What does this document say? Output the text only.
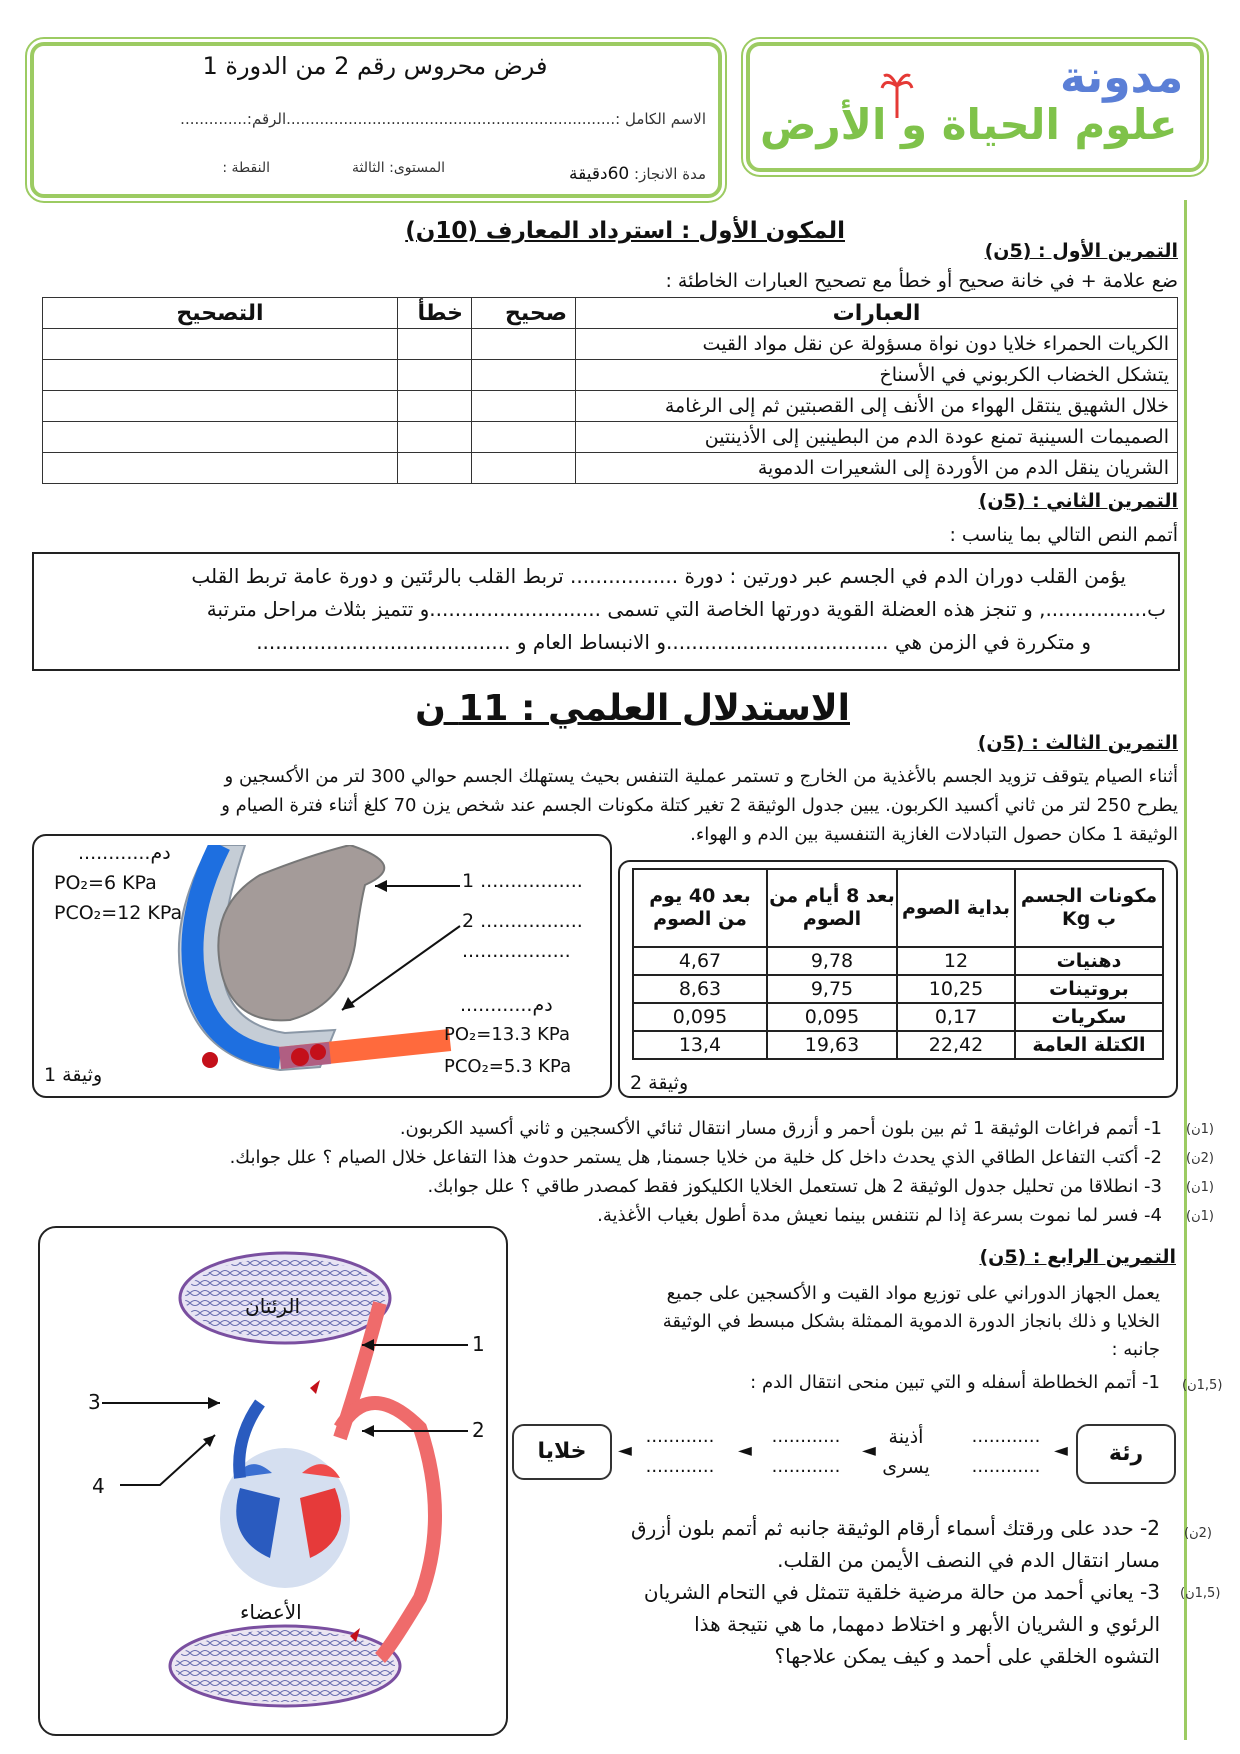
فرض محروس رقم 2 من الدورة 1
الاسم الكامل :.....................................................................الرقم:..............
مدة الانجاز: 60دقيقة
المستوى: الثالثة
النقطة :
مدونة
علوم الحياة و الأرض
المكون الأول : استرداد المعارف (10ن)
التمرين الأول : (5ن)
ضع علامة + في خانة صحيح أو خطأ مع تصحيح العبارات الخاطئة :
العبارات	صحيح	خطأ	التصحيح
الكريات الحمراء خلايا دون نواة مسؤولة عن نقل مواد القيت			
يتشكل الخضاب الكربوني في الأسناخ			
خلال الشهيق ينتقل الهواء من الأنف إلى القصبتين ثم إلى الرغامة			
الصميمات السينية تمنع عودة الدم من البطينين إلى الأذينتين			
الشريان ينقل الدم من الأوردة إلى الشعيرات الدموية			
التمرين الثاني : (5ن)
أتمم النص التالي بما يناسب :
يؤمن القلب دوران الدم في الجسم عبر دورتين : دورة ................. تربط القلب بالرئتين و دورة عامة تربط القلب
ب................, و تنجز هذه العضلة القوية دورتها الخاصة التي تسمى ...........................و تتميز بثلاث مراحل مترتبة
و متكررة في الزمن هي ...................................و الانبساط العام و ........................................
الاستدلال العلمي : 11 ن
التمرين الثالث : (5ن)
أثناء الصيام يتوقف تزويد الجسم بالأغذية من الخارج و تستمر عملية التنفس بحيث يستهلك الجسم حوالي 300 لتر من الأكسجين و
يطرح 250 لتر من ثاني أكسيد الكربون. يبين جدول الوثيقة 2 تغير كتلة مكونات الجسم عند شخص يزن 70 كلغ أثناء فترة الصيام و
الوثيقة 1 مكان حصول التبادلات الغازية التنفسية بين الدم و الهواء.
دم............
PO₂=6 KPa
PCO₂=12 KPa
1 .................
2 .................
..................
دم............
PO₂=13.3 KPa
PCO₂=5.3 KPa
وثيقة 1
مكونات الجسم ب Kg	بداية الصوم	بعد 8 أيام من الصوم	بعد 40 يوم من الصوم
دهنيات	12	9,78	4,67
بروتينات	10,25	9,75	8,63
سكريات	0,17	0,095	0,095
الكتلة العامة	22,42	19,63	13,4
وثيقة 2
1- أتمم فراغات الوثيقة 1 ثم بين بلون أحمر و أزرق مسار انتقال ثنائي الأكسجين و ثاني أكسيد الكربون.
2- أكتب التفاعل الطاقي الذي يحدث داخل كل خلية من خلايا جسمنا, هل يستمر حدوث هذا التفاعل خلال الصيام ؟ علل جوابك.
3- انطلاقا من تحليل جدول الوثيقة 2 هل تستعمل الخلايا الكليكوز فقط كمصدر طاقي ؟ علل جوابك.
4- فسر لما نموت بسرعة إذا لم نتنفس بينما نعيش مدة أطول بغياب الأغذية.
(1ن)
(2ن)
(1ن)
(1ن)
الرئتان
الأعضاء
1
2
3
4
التمرين الرابع : (5ن)
يعمل الجهاز الدوراني على توزيع مواد القيت و الأكسجين على جميع
الخلايا و ذلك بانجاز الدورة الدموية الممثلة بشكل مبسط في الوثيقة
جانبه :
1- أتمم الخطاطة أسفله و التي تبين منحى انتقال الدم : (1,5ن)
رئة
خلايا
............
............
أذينة
يسرى
............
............
............
............
◄
◄
◄
◄
2- حدد على ورقتك أسماء أرقام الوثيقة جانبه ثم أتمم بلون أزرق
مسار انتقال الدم في النصف الأيمن من القلب.
(2ن)
3- يعاني أحمد من حالة مرضية خلقية تتمثل في التحام الشريان
الرئوي و الشريان الأبهر و اختلاط دمهما, ما هي نتيجة هذا
التشوه الخلقي على أحمد و كيف يمكن علاجها؟
(1,5ن)
